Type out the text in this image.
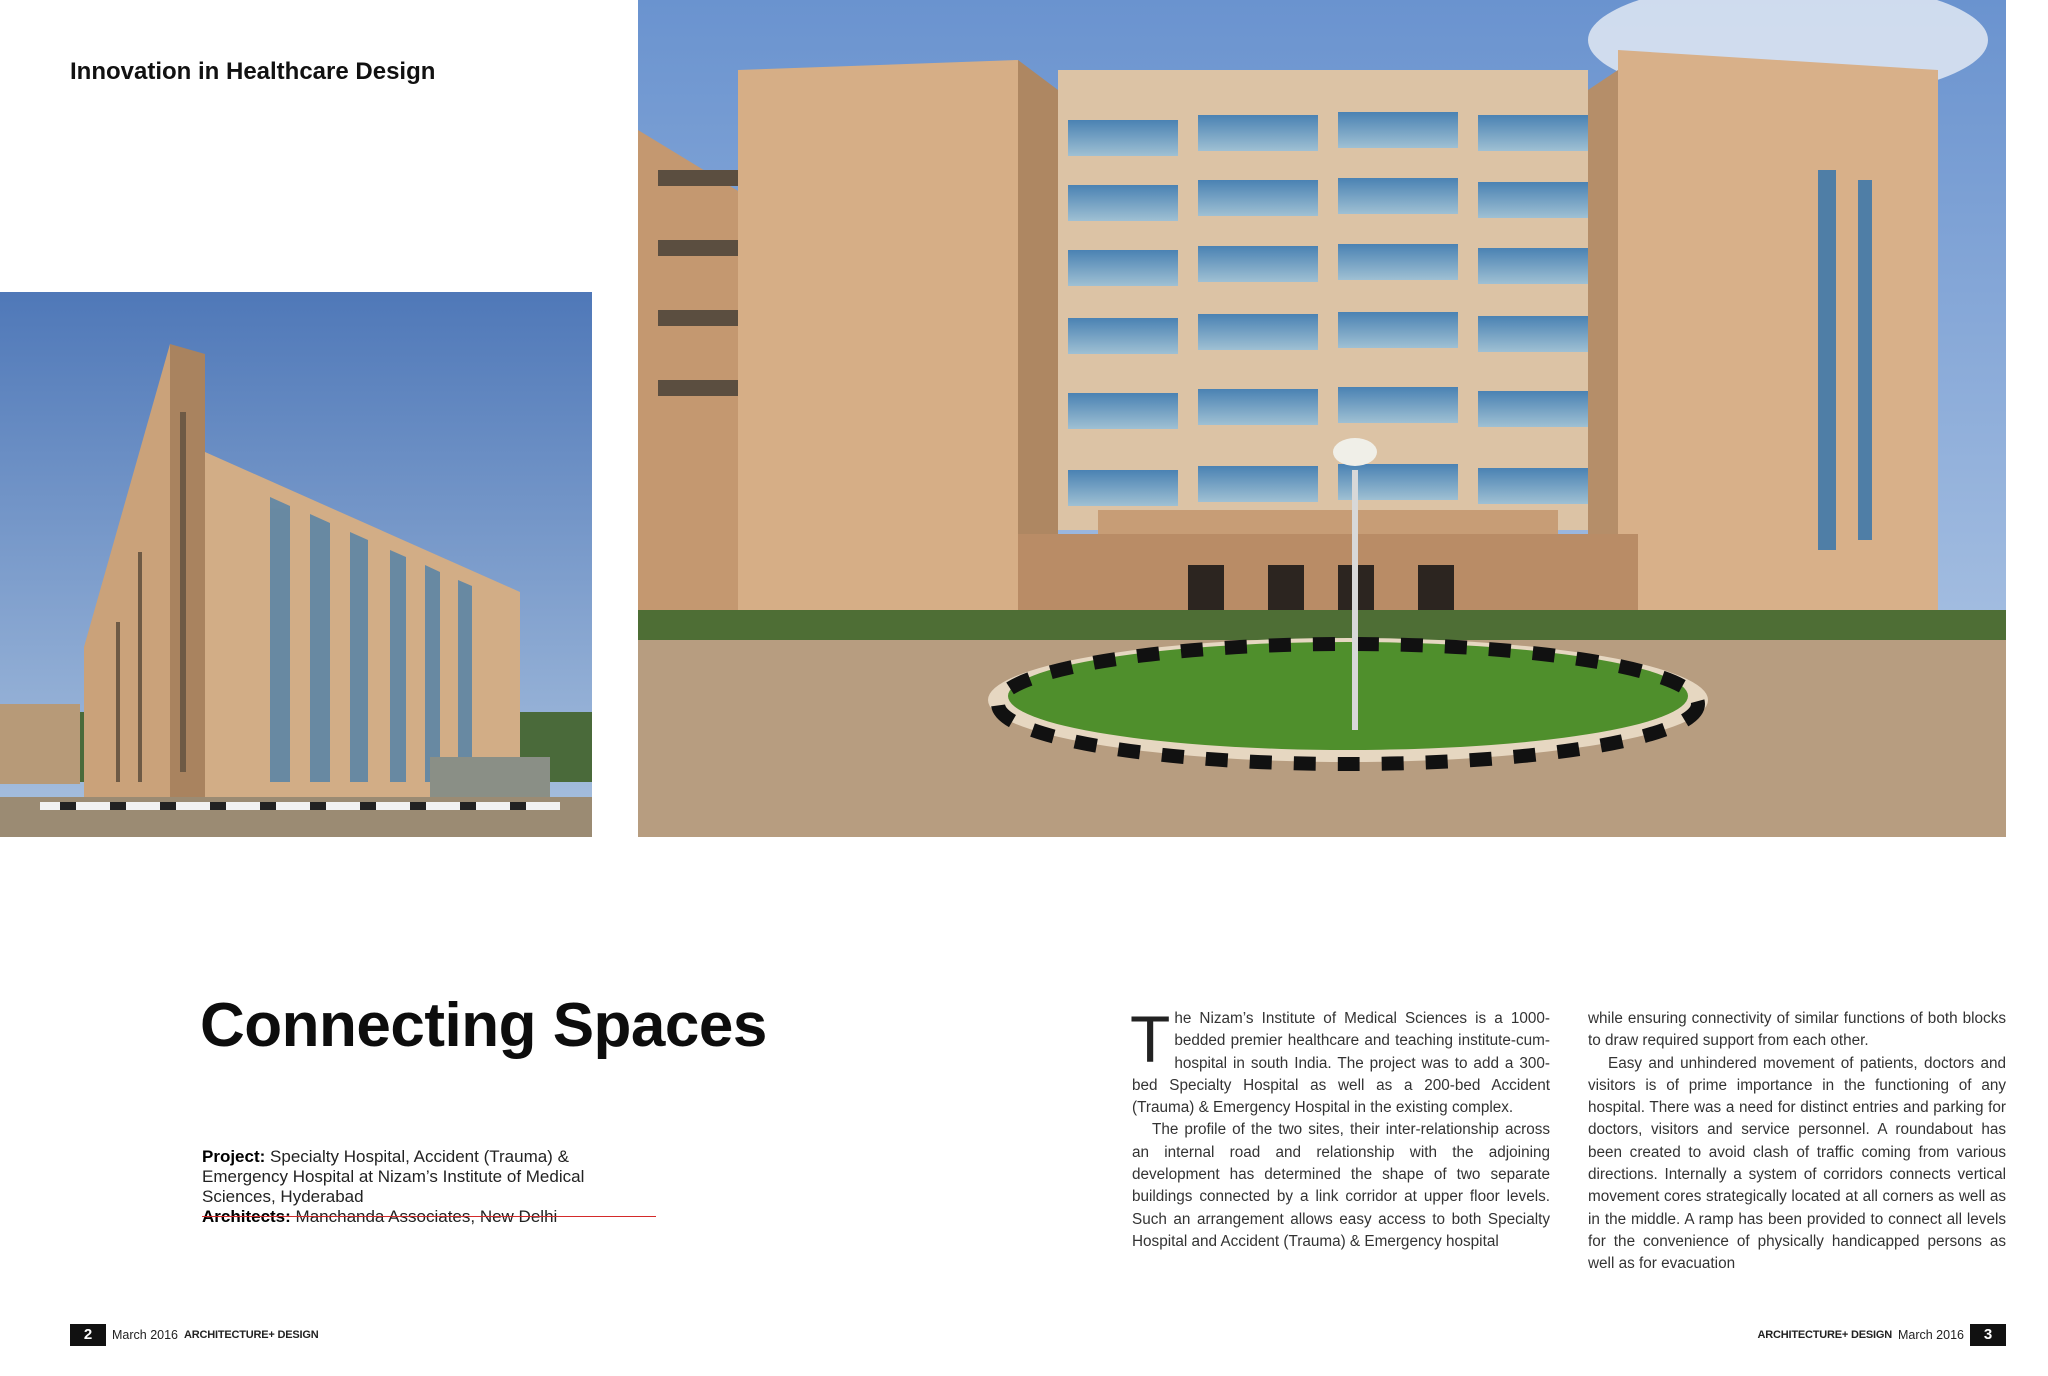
Innovation in Healthcare Design
Connecting Spaces
Project: Specialty Hospital, Accident (Trauma) & Emergency Hospital at Nizam’s Institute of Medical Sciences, Hyderabad
Architects: Manchanda Associates, New Delhi

The Nizam’s Institute of Medical Sciences is a 1000-bedded premier healthcare and teaching institute-cum-hospital in south India. The project was to add a 300-bed Specialty Hospital as well as a 200-bed Accident (Trauma) & Emergency Hospital in the existing complex.

The profile of the two sites, their inter-relationship across an internal road and relationship with the adjoining development has determined the shape of two separate buildings connected by a link corridor at upper floor levels. Such an arrangement allows easy access to both Specialty Hospital and Accident (Trauma) & Emergency hospital

while ensuring connectivity of similar functions of both blocks to draw required support from each other.

Easy and unhindered movement of patients, doctors and visitors is of prime importance in the functioning of any hospital. There was a need for distinct entries and parking for doctors, visitors and service personnel. A roundabout has been created to avoid clash of traffic coming from various directions. Internally a system of corridors connects vertical movement cores strategically located at all corners as well as in the middle. A ramp has been provided to connect all levels for the convenience of physically handicapped persons as well as for evacuation

2	March 2016 ARCHITECTURE+ DESIGN	ARCHITECTURE+ DESIGN March 2016	3
